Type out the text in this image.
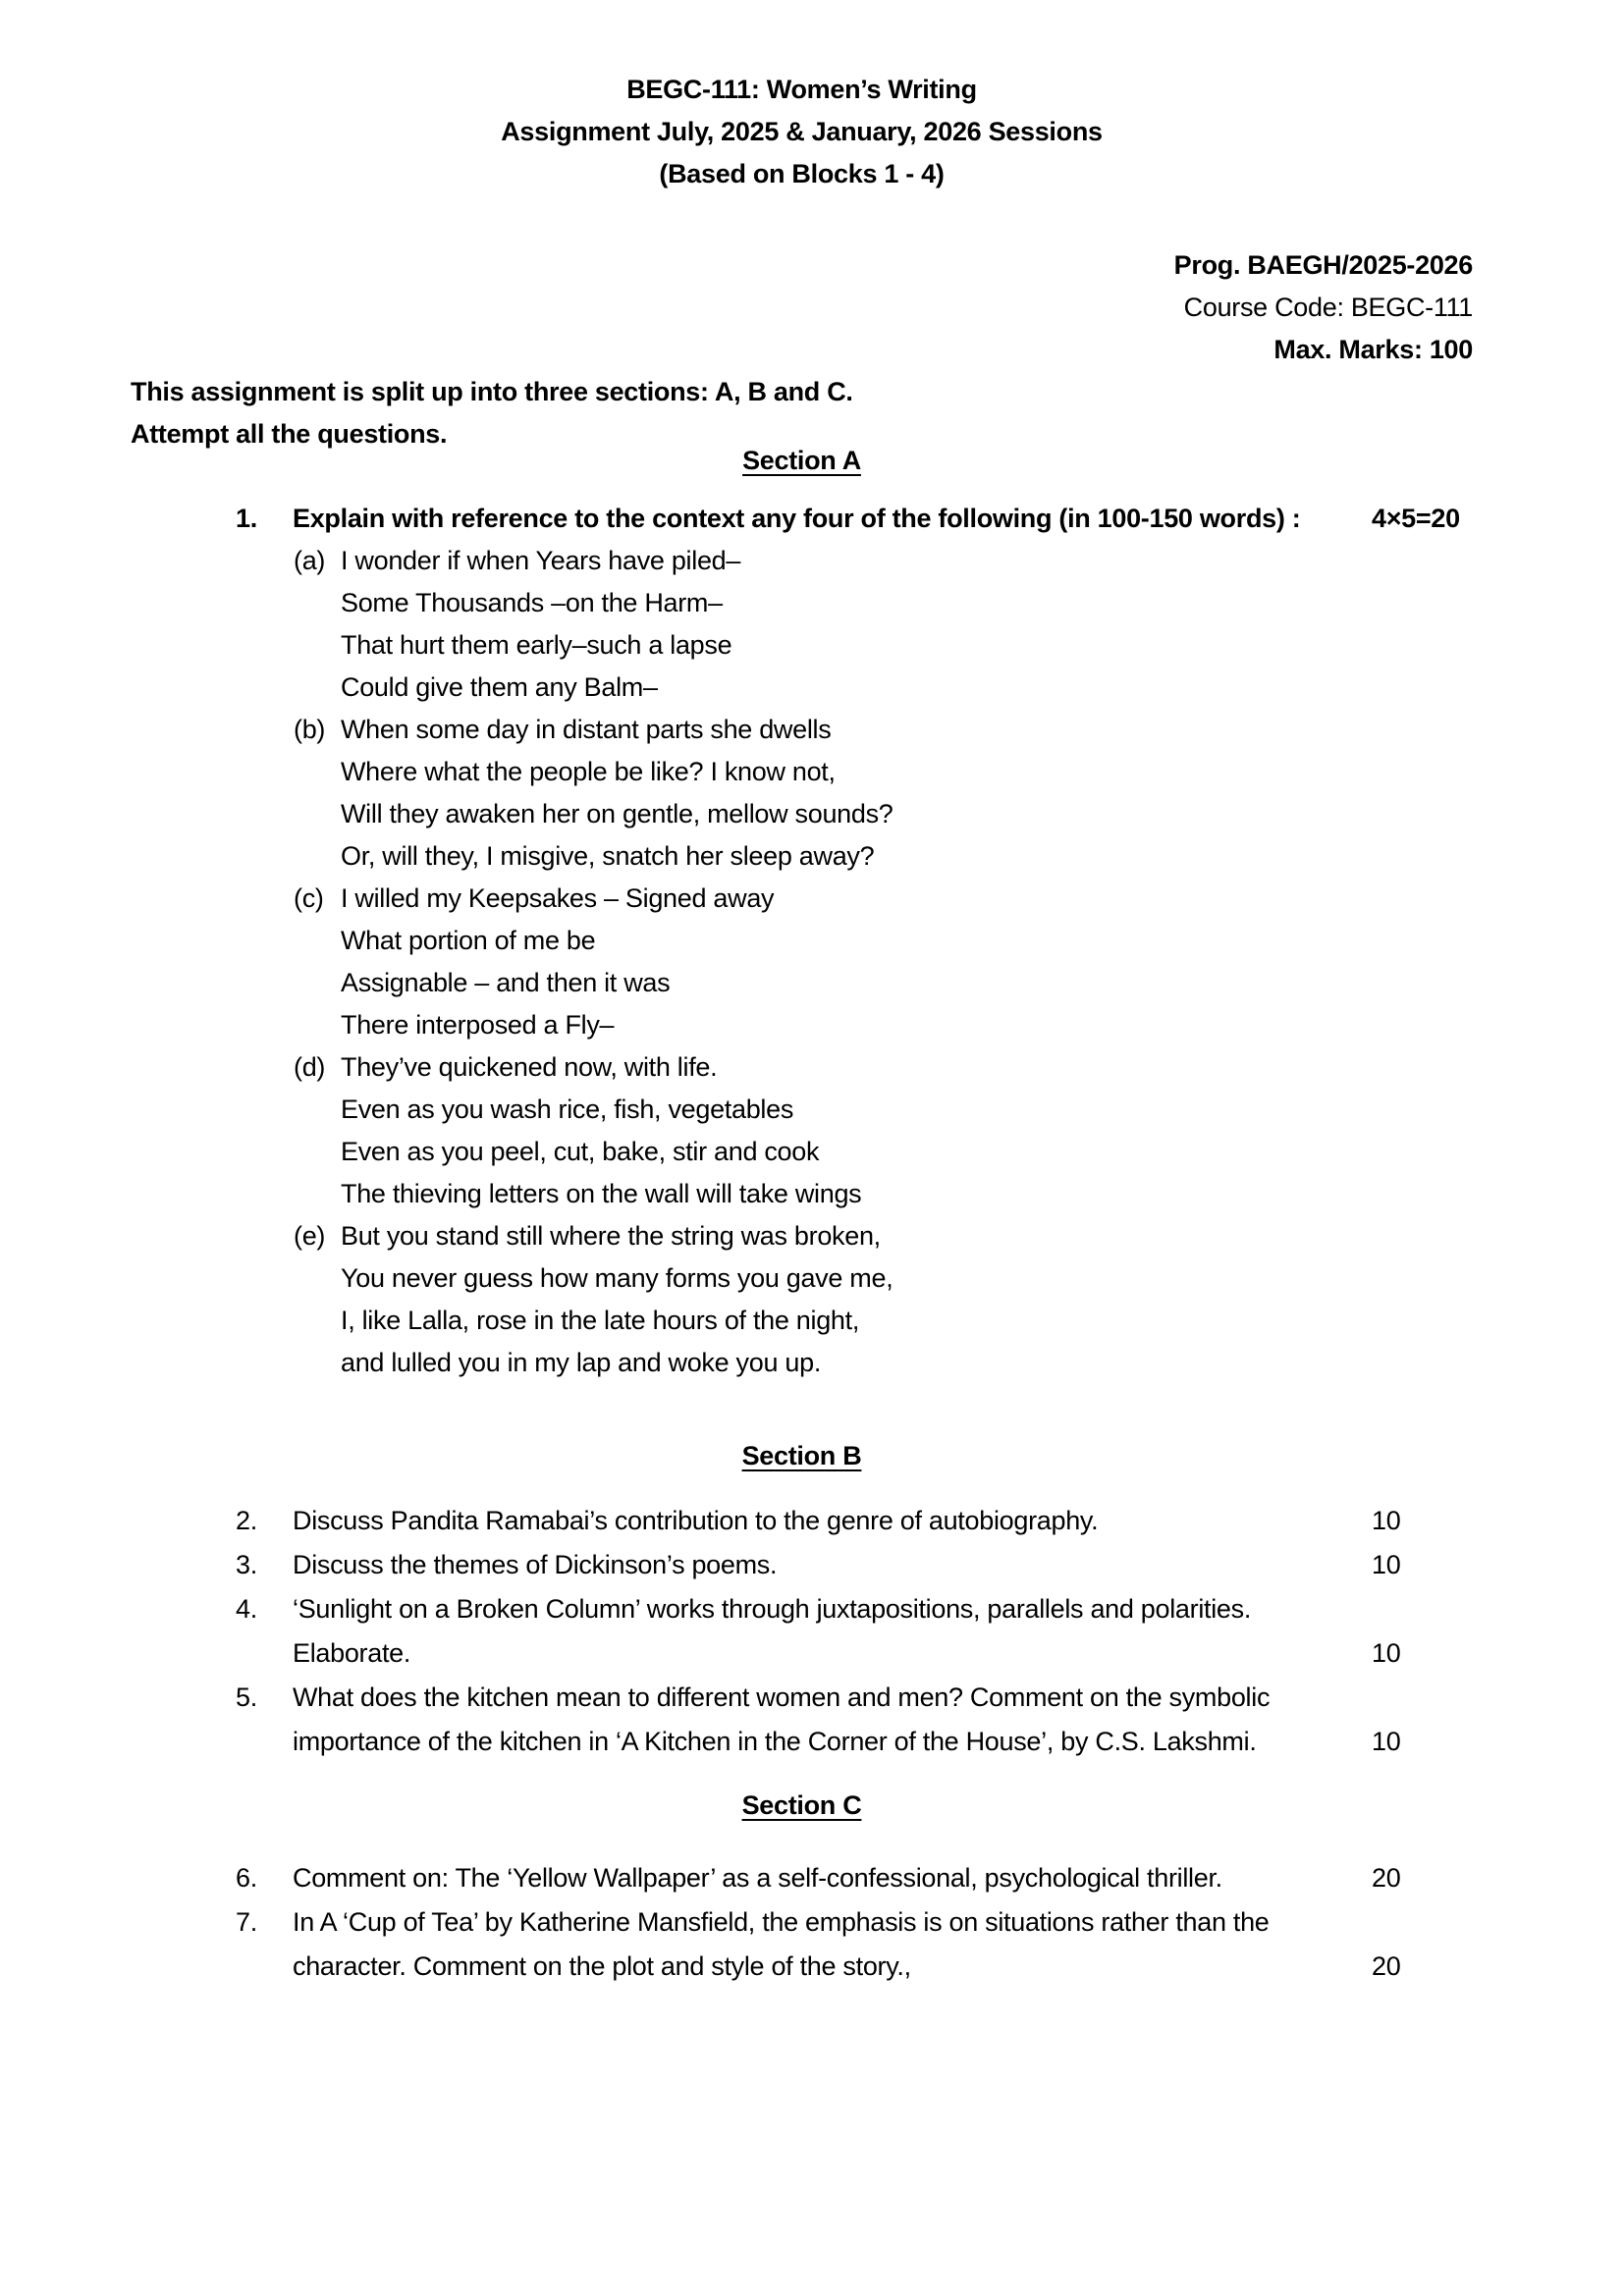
BEGC-111: Women’s Writing
Assignment July, 2025 & January, 2026 Sessions
(Based on Blocks 1 - 4)
Prog. BAEGH/2025-2026
Course Code: BEGC-111
Max. Marks: 100
This assignment is split up into three sections: A, B and C.
Attempt all the questions.
Section A
1. Explain with reference to the context any four of the following (in 100-150 words) :	4×5=20
(a) I wonder if when Years have piled–
Some Thousands –on the Harm–
That hurt them early–such a lapse
Could give them any Balm–
(b) When some day in distant parts she dwells
Where what the people be like? I know not,
Will they awaken her on gentle, mellow sounds?
Or, will they, I misgive, snatch her sleep away?
(c) I willed my Keepsakes – Signed away
What portion of me be
Assignable – and then it was
There interposed a Fly–
(d) They’ve quickened now, with life.
Even as you wash rice, fish, vegetables
Even as you peel, cut, bake, stir and cook
The thieving letters on the wall will take wings
(e) But you stand still where the string was broken,
You never guess how many forms you gave me,
I, like Lalla, rose in the late hours of the night,
and lulled you in my lap and woke you up.
Section B
2. Discuss Pandita Ramabai’s contribution to the genre of autobiography.	10
3. Discuss the themes of Dickinson’s poems.	10
4. ‘Sunlight on a Broken Column’ works through juxtapositions, parallels and polarities.
Elaborate.	10
5. What does the kitchen mean to different women and men? Comment on the symbolic
importance of the kitchen in ‘A Kitchen in the Corner of the House’, by C.S. Lakshmi.	10
Section C
6. Comment on: The ‘Yellow Wallpaper’ as a self-confessional, psychological thriller.	20
7. In A ‘Cup of Tea’ by Katherine Mansfield, the emphasis is on situations rather than the
character. Comment on the plot and style of the story.,	20
